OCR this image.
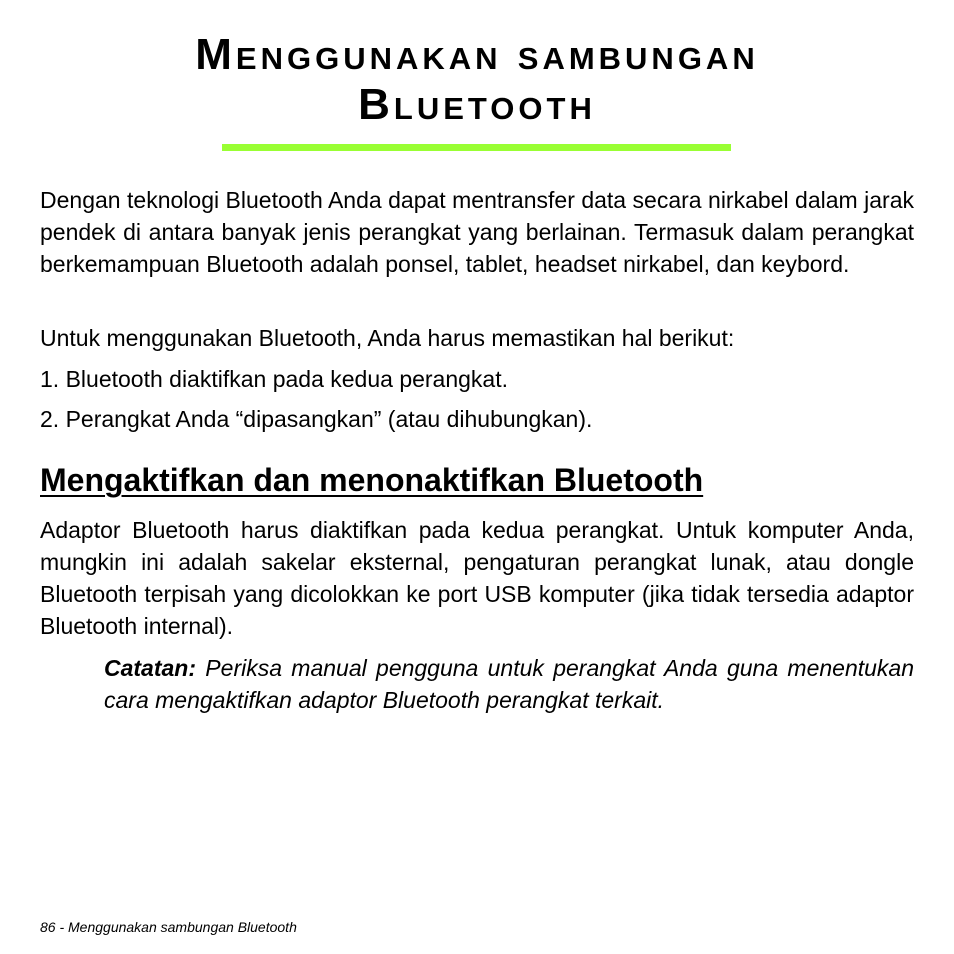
Menggunakan sambungan
Bluetooth

Dengan teknologi Bluetooth Anda dapat mentransfer data secara nirkabel dalam jarak pendek di antara banyak jenis perangkat yang berlainan. Termasuk dalam perangkat berkemampuan Bluetooth adalah ponsel, tablet, headset nirkabel, dan keybord.

Untuk menggunakan Bluetooth, Anda harus memastikan hal berikut:

1. Bluetooth diaktifkan pada kedua perangkat.

2. Perangkat Anda “dipasangkan” (atau dihubungkan).

Mengaktifkan dan menonaktifkan Bluetooth

Adaptor Bluetooth harus diaktifkan pada kedua perangkat. Untuk komputer Anda, mungkin ini adalah sakelar eksternal, pengaturan perangkat lunak, atau dongle Bluetooth terpisah yang dicolokkan ke port USB komputer (jika tidak tersedia adaptor Bluetooth internal).

Catatan: Periksa manual pengguna untuk perangkat Anda guna menentukan cara mengaktifkan adaptor Bluetooth perangkat terkait.

86 - Menggunakan sambungan Bluetooth
